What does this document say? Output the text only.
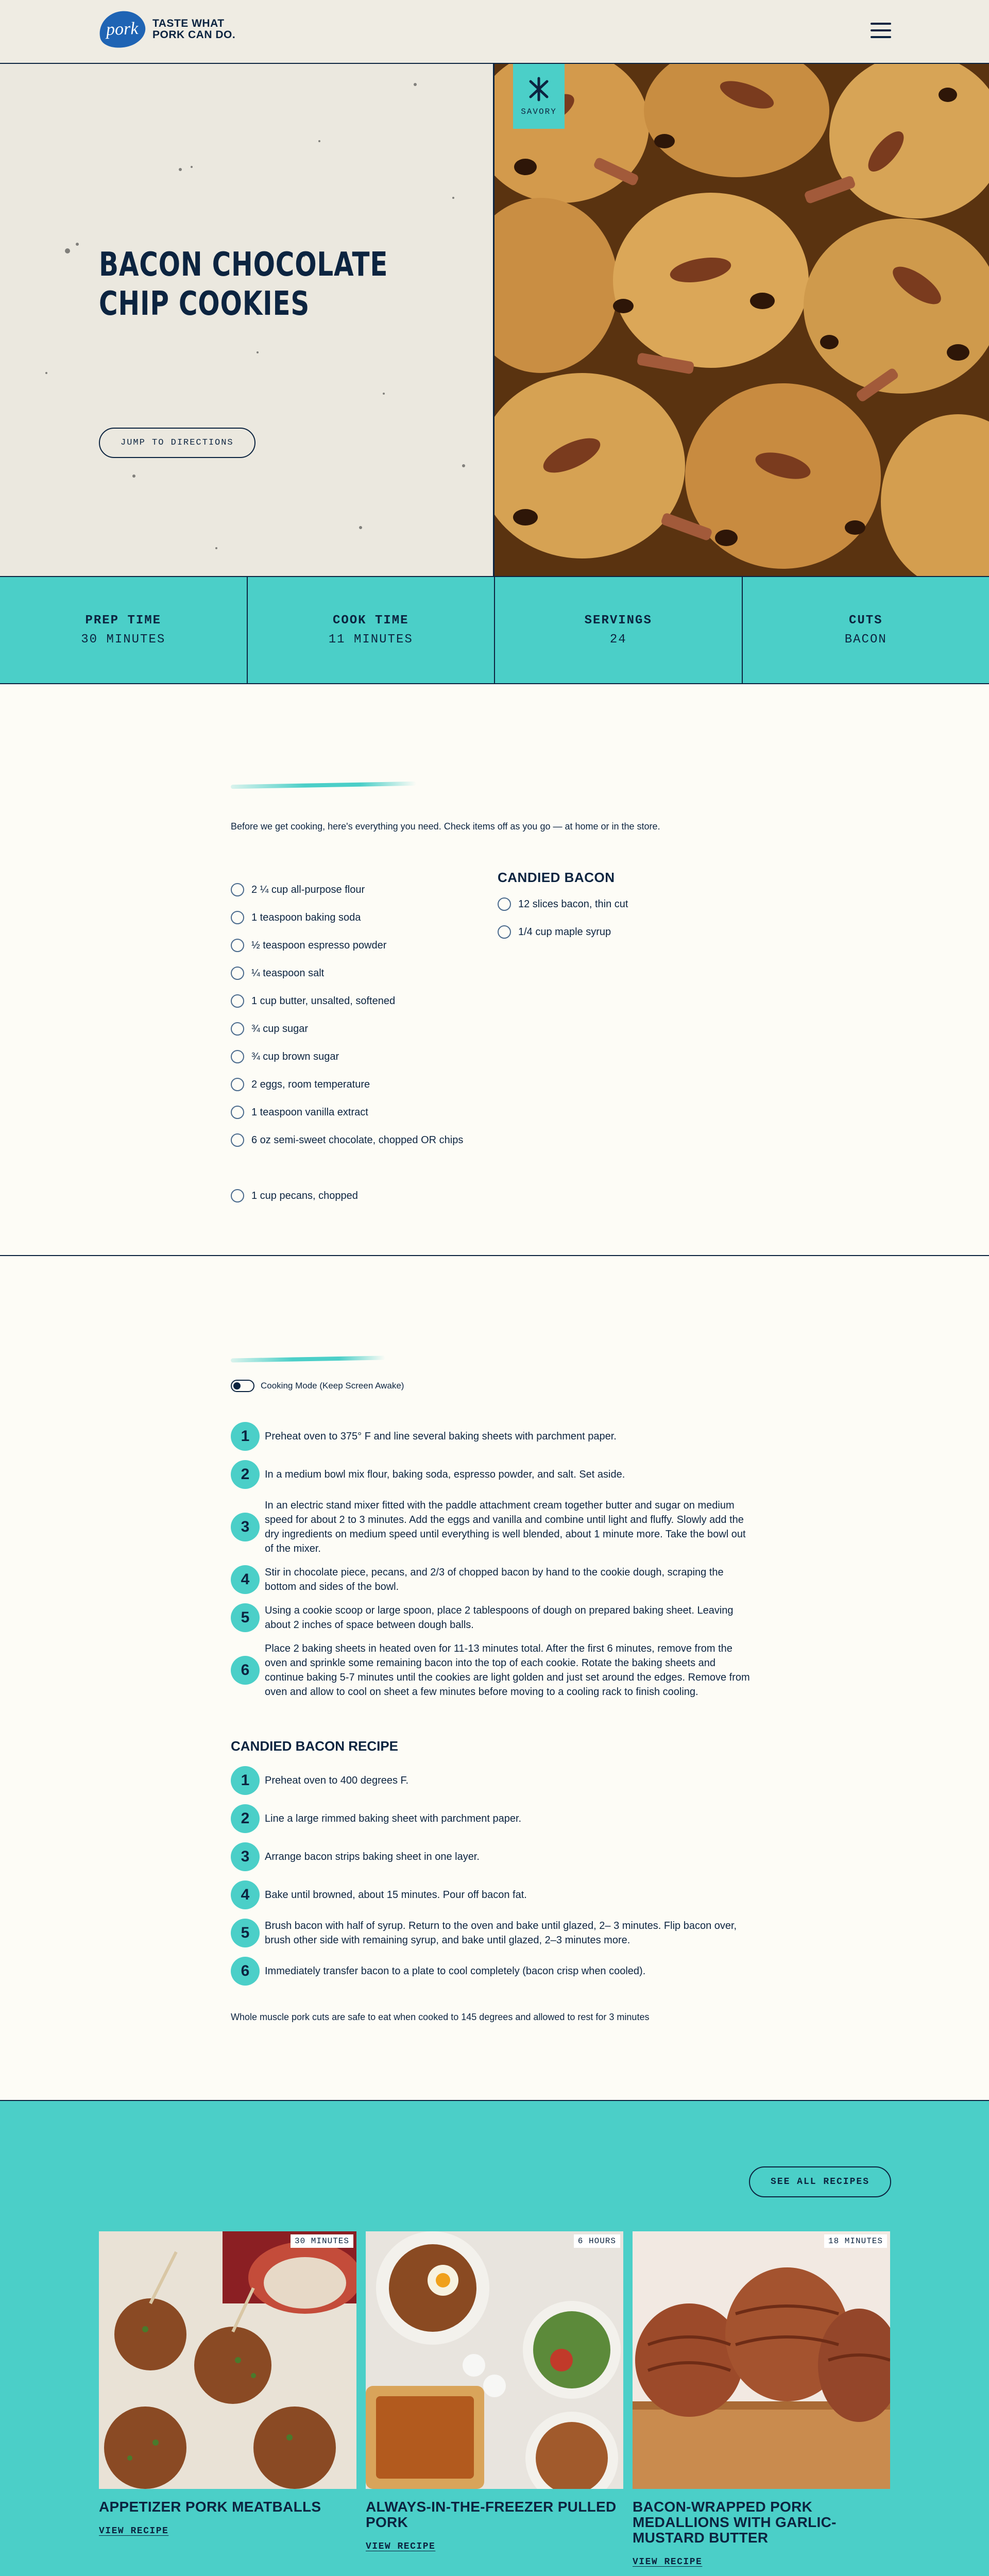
pork TASTE WHAT
PORK CAN DO.
BACON CHOCOLATE
CHIP COOKIES
JUMP TO DIRECTIONS
SAVORY
PREP TIME
30 MINUTES
COOK TIME
11 MINUTES
SERVINGS
24
CUTS
BACON

Before we get cooking, here's everything you need. Check items off as you go — at home or in the store.

2 ¼ cup all-purpose flour
1 teaspoon baking soda
½ teaspoon espresso powder
¼ teaspoon salt
1 cup butter, unsalted, softened
¾ cup sugar
¾ cup brown sugar
2 eggs, room temperature
1 teaspoon vanilla extract
6 oz semi-sweet chocolate, chopped OR chips
1 cup pecans, chopped
CANDIED BACON
12 slices bacon, thin cut
1/4 cup maple syrup
Cooking Mode (Keep Screen Awake)
1	Preheat oven to 375° F and line several baking sheets with parchment paper.
2	In a medium bowl mix flour, baking soda, espresso powder, and salt. Set aside.
3
In an electric stand mixer fitted with the paddle attachment cream together butter and sugar on medium speed for about 2 to 3 minutes. Add the eggs and vanilla and combine until light and fluffy. Slowly add the dry ingredients on medium speed until everything is well blended, about 1 minute more. Take the bowl out of the mixer.
4	Stir in chocolate piece, pecans, and 2/3 of chopped bacon by hand to the cookie dough, scraping the bottom and sides of the bowl.
5	Using a cookie scoop or large spoon, place 2 tablespoons of dough on prepared baking sheet. Leaving about 2 inches of space between dough balls.
6
Place 2 baking sheets in heated oven for 11-13 minutes total. After the first 6 minutes, remove from the oven and sprinkle some remaining bacon into the top of each cookie. Rotate the baking sheets and continue baking 5-7 minutes until the cookies are light golden and just set around the edges. Remove from oven and allow to cool on sheet a few minutes before moving to a cooling rack to finish cooling.
CANDIED BACON RECIPE
1	Preheat oven to 400 degrees F.
2	Line a large rimmed baking sheet with parchment paper.
3	Arrange bacon strips baking sheet in one layer.
4	Bake until browned, about 15 minutes. Pour off bacon fat.
5	Brush bacon with half of syrup. Return to the oven and bake until glazed, 2– 3 minutes. Flip bacon over, brush other side with remaining syrup, and bake until glazed, 2–3 minutes more.
6	Immediately transfer bacon to a plate to cool completely (bacon crisp when cooled).

Whole muscle pork cuts are safe to eat when cooked to 145 degrees and allowed to rest for 3 minutes

SEE ALL RECIPES
30 MINUTES
APPETIZER PORK MEATBALLS
VIEW RECIPE
6 HOURS
ALWAYS-IN-THE-FREEZER PULLED PORK
VIEW RECIPE
18 MINUTES
BACON-WRAPPED PORK MEDALLIONS WITH GARLIC-MUSTARD BUTTER
VIEW RECIPE
